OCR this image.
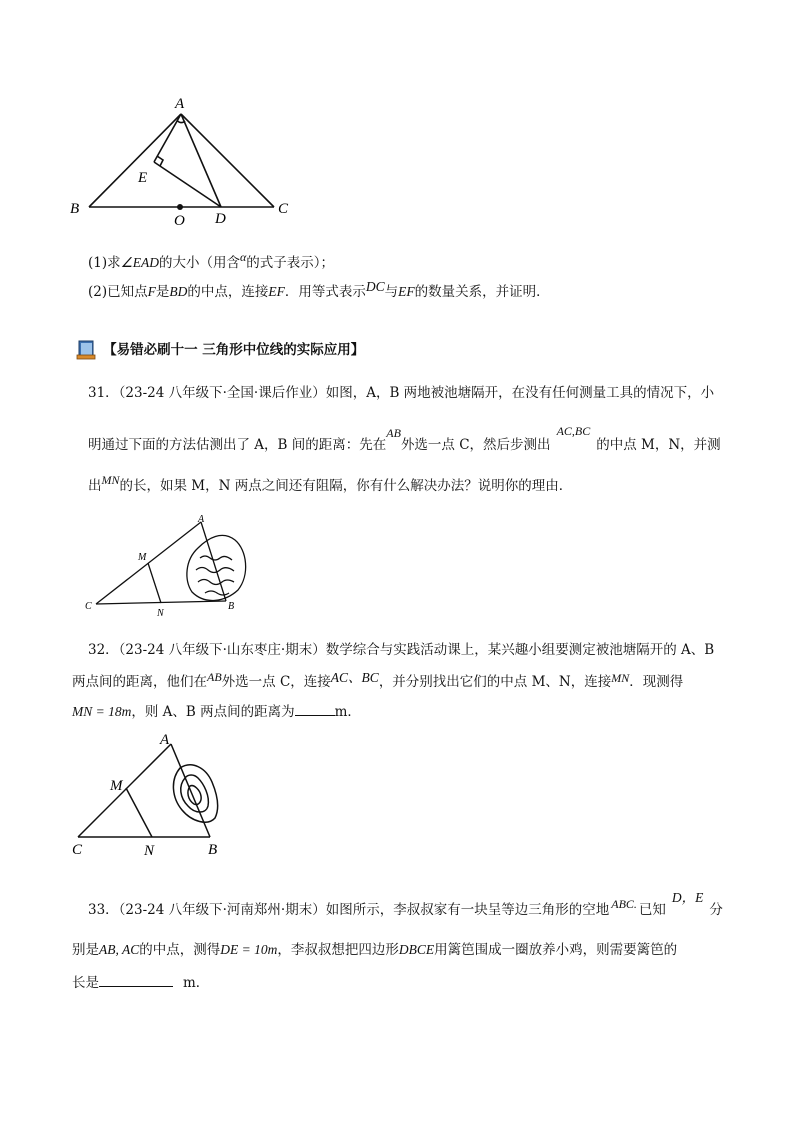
A
B	C
D
E
O
(1)求∠EAD的大小（用含α的式子表示）；
(2)已知点F是BD的中点，连接EF．用等式表示DC与EF的数量关系，并证明．
【易错必刷十一 三角形中位线的实际应用】
31．（23-24 八年级下·全国·课后作业）如图，A，B 两地被池塘隔开，在没有任何测量工具的情况下，小
明通过下面的方法估测出了 A，B 间的距离：先在AB外选一点 C，然后步测出AC,BC的中点 M，N，并测
出MN的长，如果 M，N 两点之间还有阻隔，你有什么解决办法？说明你的理由．
A
B
C
M
N
32．（23-24 八年级下·山东枣庄·期末）数学综合与实践活动课上，某兴趣小组要测定被池塘隔开的 A、B
两点间的距离，他们在AB外选一点 C，连接AC、BC，并分别找出它们的中点 M、N，连接MN．现测得
MN = 18m，则 A、B 两点间的距离为	m．
A
B
C
M
N
33．（23-24 八年级下·河南郑州·期末）如图所示，李叔叔家有一块呈等边三角形的空地 ABC. 已知D，E分
别是AB, AC的中点，测得DE = 10m，李叔叔想把四边形DBCE用篱笆围成一圈放养小鸡，则需要篱笆的
长是	m．
